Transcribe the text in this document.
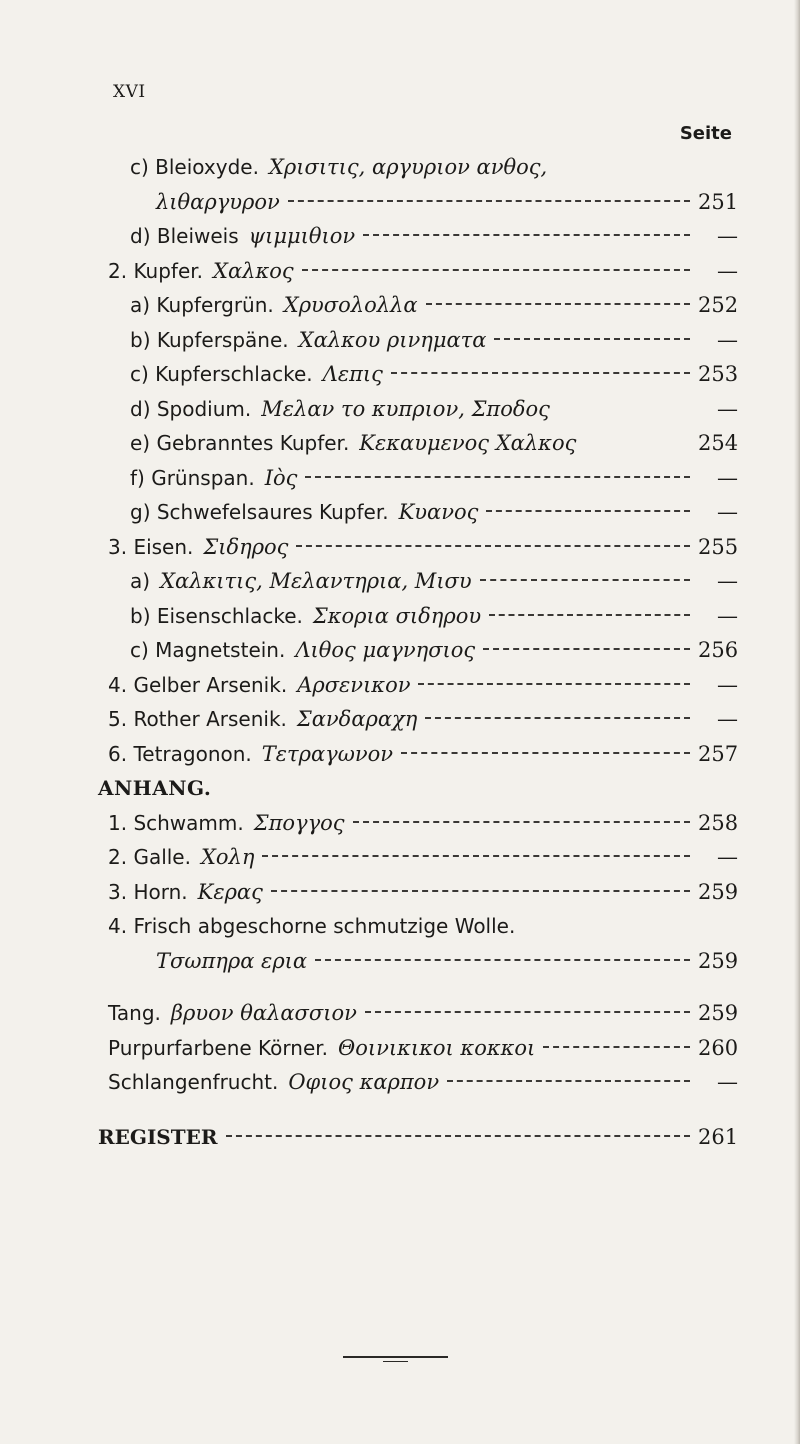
XVI
Seite
c) Bleioxyde. Χρισιτις, αργυριον ανθος,
λιθαργυρον	251
d) Bleiweis ψιμμιθιον	—
2. Kupfer. Χαλκος	—
a) Kupfergrün. Χρυσολολλα	252
b) Kupferspäne. Χαλκου ρινηματα	—
c) Kupferschlacke. Λεπις	253
d) Spodium. Μελαν το κυπριον, Σποδος	—
e) Gebranntes Kupfer. Κεκαυμενος Χαλκος	254
f) Grünspan. Ιὸς	—
g) Schwefelsaures Kupfer. Κυανος	—
3. Eisen. Σιδηρος	255
a) Χαλκιτις, Μελαντηρια, Μισυ	—
b) Eisenschlacke. Σκορια σιδηρου	—
c) Magnetstein. Λιθος μαγνησιος	256
4. Gelber Arsenik. Αρσενικον	—
5. Rother Arsenik. Σανδαραχη	—
6. Tetragonon. Τετραγωνον	257
ANHANG.
1. Schwamm. Σπογγος	258
2. Galle. Χολη	—
3. Horn. Κερας	259
4. Frisch abgeschorne schmutzige Wolle.
Τσωπηρα ερια	259
Tang. βρυον θαλασσιον	259
Purpurfarbene Körner. Θοινικικοι κοκκοι	260
Schlangenfrucht. Οφιος καρπον	—
REGISTER	261
